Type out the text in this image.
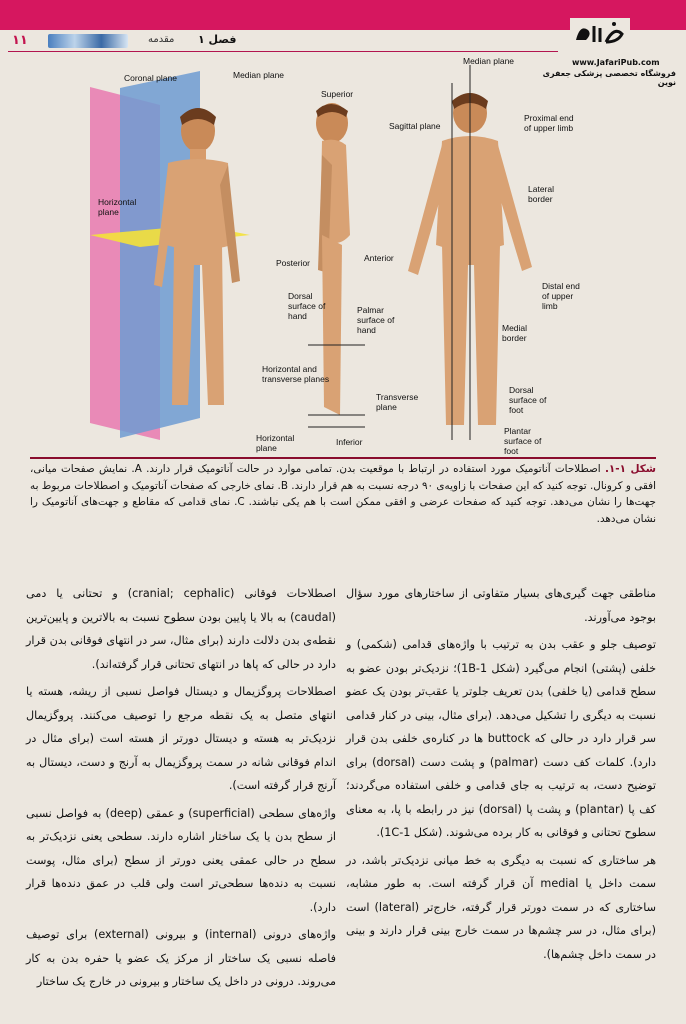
۱۱	مقدمه فصل ۱
www.JafariPub.com
فروشگاه تخصصی پزشکی جعفری نوین
Coronal plane	Median plane
Horizontal plane
Superior
Posterior	Anterior
Dorsal surface of hand
Palmar surface of hand
Horizontal and transverse planes
Transverse plane
Horizontal plane
Inferior
Median plane
Sagittal plane
Proximal end of upper limb
Lateral border
Distal end of upper limb
Medial border
Dorsal surface of foot
Plantar surface of foot
شکل ۱-۱. اصطلاحات آناتومیک مورد استفاده در ارتباط با موقعیت بدن. تمامی موارد در حالت آناتومیک قرار دارند. A. نمایش صفحات میانی، افقی و کرونال. توجه کنید که این صفحات با زاویه‌ی ۹۰ درجه نسبت به هم قرار دارند. B. نمای خارجی که صفحات آناتومیک و اصطلاحات مربوط به جهت‌ها را نشان می‌دهد. توجه کنید که صفحات عرضی و افقی ممکن است با هم یکی نباشند. C. نمای قدامی که مقاطع و جهت‌های آناتومیک را نشان می‌دهد.

مناطقی جهت گیری‌های بسیار متفاوتی از ساختارهای مورد سؤال بوجود می‌آورند.

توصیف جلو و عقب بدن به ترتیب با واژه‌های قدامی (شکمی) و خلفی (پشتی) انجام می‌گیرد (شکل 1B-1)؛ نزدیک‌تر بودن عضو به سطح قدامی (یا خلفی) بدن تعریف جلوتر یا عقب‌تر بودن یک عضو نسبت به دیگری را تشکیل می‌دهد. (برای مثال، بینی در کنار قدامی سر قرار دارد در حالی که buttock ها در کناره‌ی خلفی بدن قرار دارد). کلمات کف دست (palmar) و پشت دست (dorsal) برای توضیح دست، به ترتیب به جای قدامی و خلفی استفاده می‌گردند؛ کف پا (plantar) و پشت پا (dorsal) نیز در رابطه با پا، به معنای سطوح تحتانی و فوقانی به کار برده می‌شوند. (شکل 1C-1).

هر ساختاری که نسبت به دیگری به خط میانی نزدیک‌تر باشد، در سمت داخل یا medial آن قرار گرفته است. به طور مشابه، ساختاری که در سمت دورتر قرار گرفته، خارج‌تر (lateral) است (برای مثال، در سر چشم‌ها در سمت خارج بینی قرار دارند و بینی در سمت داخل چشم‌ها).

اصطلاحات فوقانی (cranial; cephalic) و تحتانی یا دمی (caudal) به بالا یا پایین بودن سطوح نسبت به بالاترین و پایین‌ترین نقطه‌ی بدن دلالت دارند (برای مثال، سر در انتهای فوقانی بدن قرار دارد در حالی که پاها در انتهای تحتانی قرار گرفته‌اند).

اصطلاحات پروگزیمال و دیستال فواصل نسبی از ریشه، هسته یا انتهای متصل به یک نقطه مرجع را توصیف می‌کنند. پروگزیمال نزدیک‌تر به هسته و دیستال دورتر از هسته است (برای مثال در اندام فوقانی شانه در سمت پروگزیمال به آرنج و دست، دیستال به آرنج قرار گرفته است).

واژه‌های سطحی (superficial) و عمقی (deep) به فواصل نسبی از سطح بدن یا یک ساختار اشاره دارند. سطحی یعنی نزدیک‌تر به سطح در حالی عمقی یعنی دورتر از سطح (برای مثال، پوست نسبت به دنده‌ها سطحی‌تر است ولی قلب در عمق دنده‌ها قرار دارد).

واژه‌های درونی (internal) و بیرونی (external) برای توصیف فاصله نسبی یک ساختار از مرکز یک عضو یا حفره بدن به کار می‌روند. درونی در داخل یک ساختار و بیرونی در خارج یک ساختار
